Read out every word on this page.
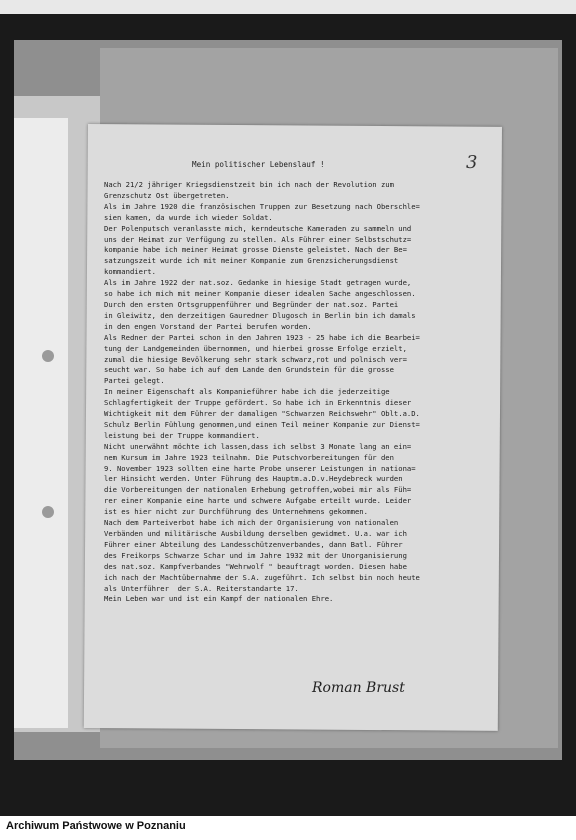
Mein politischer Lebenslauf !	3
Nach 21/2 jähriger Kriegsdienstzeit bin ich nach der Revolution zum
Grenzschutz Ost übergetreten.
Als im Jahre 1920 die französischen Truppen zur Besetzung nach Oberschle=
sien kamen, da wurde ich wieder Soldat.
Der Polenputsch veranlasste mich, kerndeutsche Kameraden zu sammeln und
uns der Heimat zur Verfügung zu stellen. Als Führer einer Selbstschutz=
kompanie habe ich meiner Heimat grosse Dienste geleistet. Nach der Be=
satzungszeit wurde ich mit meiner Kompanie zum Grenzsicherungsdienst
kommandiert.
Als im Jahre 1922 der nat.soz. Gedanke in hiesige Stadt getragen wurde,
so habe ich mich mit meiner Kompanie dieser idealen Sache angeschlossen.
Durch den ersten Ortsgruppenführer und Begründer der nat.soz. Partei
in Gleiwitz, den derzeitigen Gauredner Dlugosch in Berlin bin ich damals
in den engen Vorstand der Partei berufen worden.
Als Redner der Partei schon in den Jahren 1923 - 25 habe ich die Bearbei=
tung der Landgemeinden übernommen, und hierbei grosse Erfolge erzielt,
zumal die hiesige Bevölkerung sehr stark schwarz,rot und polnisch ver=
seucht war. So habe ich auf dem Lande den Grundstein für die grosse
Partei gelegt.
In meiner Eigenschaft als Kompanieführer habe ich die jederzeitige
Schlagfertigkeit der Truppe gefördert. So habe ich in Erkenntnis dieser
Wichtigkeit mit dem Führer der damaligen "Schwarzen Reichswehr" Oblt.a.D.
Schulz Berlin Fühlung genommen,und einen Teil meiner Kompanie zur Dienst=
leistung bei der Truppe kommandiert.
Nicht unerwähnt möchte ich lassen,dass ich selbst 3 Monate lang an ein=
nem Kursum im Jahre 1923 teilnahm. Die Putschvorbereitungen für den
9. November 1923 sollten eine harte Probe unserer Leistungen in nationa=
ler Hinsicht werden. Unter Führung des Hauptm.a.D.v.Heydebreck wurden
die Vorbereitungen der nationalen Erhebung getroffen,wobei mir als Füh=
rer einer Kompanie eine harte und schwere Aufgabe erteilt wurde. Leider
ist es hier nicht zur Durchführung des Unternehmens gekommen.
Nach dem Parteiverbot habe ich mich der Organisierung von nationalen
Verbänden und militärische Ausbildung derselben gewidmet. U.a. war ich
Führer einer Abteilung des Landesschützenverbandes, dann Batl. Führer
des Freikorps Schwarze Schar und im Jahre 1932 mit der Unorganisierung
des nat.soz. Kampfverbandes "Wehrwolf " beauftragt worden. Diesen habe
ich nach der Machtübernahme der S.A. zugeführt. Ich selbst bin noch heute
als Unterführer  der S.A. Reiterstandarte 17.
Mein Leben war und ist ein Kampf der nationalen Ehre.
Roman Brust
Archiwum Państwowe w Poznaniu
